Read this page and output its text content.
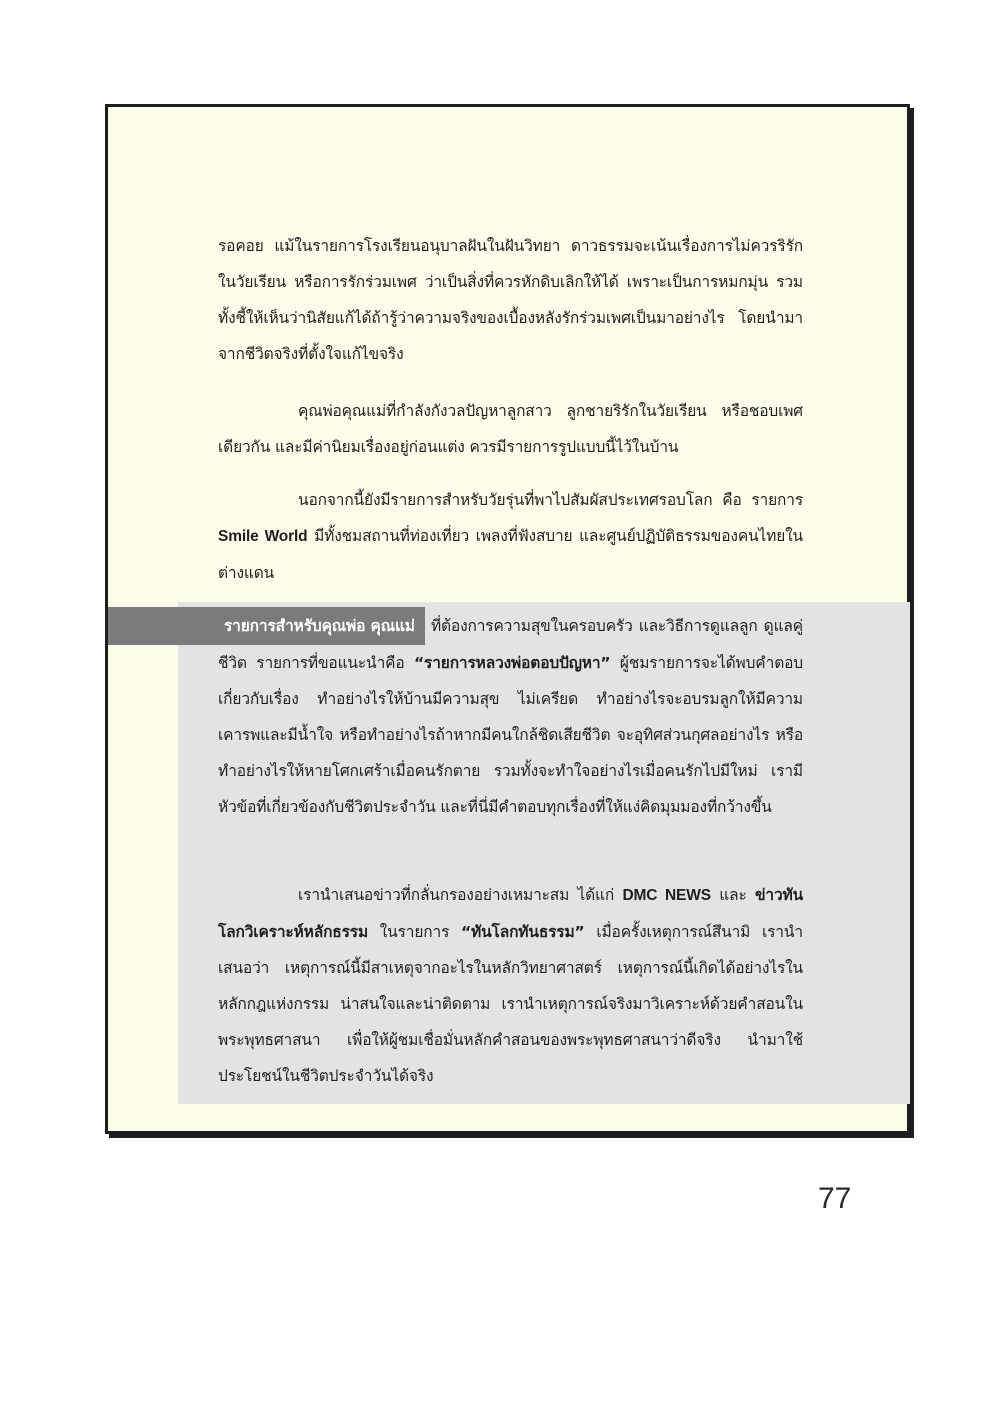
รอคอย แม้ในรายการโรงเรียนอนุบาลฝันในฝันวิทยา ดาวธรรมจะเน้นเรื่องการไม่ควรริรักในวัยเรียน หรือการรักร่วมเพศ ว่าเป็นสิ่งที่ควรหักดิบเลิกให้ได้ เพราะเป็นการหมกมุ่น รวมทั้งชี้ให้เห็นว่านิสัยแก้ได้ถ้ารู้ว่าความจริงของเบื้องหลังรักร่วมเพศเป็นมาอย่างไร โดยนำมาจากชีวิตจริงที่ตั้งใจแก้ไขจริง

คุณพ่อคุณแม่ที่กำลังกังวลปัญหาลูกสาว ลูกชายริรักในวัยเรียน หรือชอบเพศเดียวกัน และมีค่านิยมเรื่องอยู่ก่อนแต่ง ควรมีรายการรูปแบบนี้ไว้ในบ้าน

นอกจากนี้ยังมีรายการสำหรับวัยรุ่นที่พาไปสัมผัสประเทศรอบโลก คือ รายการ Smile World มีทั้งชมสถานที่ท่องเที่ยว เพลงที่ฟังสบาย และศูนย์ปฏิบัติธรรมของคนไทยในต่างแดน

รายการสำหรับคุณพ่อ คุณแม่ ที่ต้องการความสุขในครอบครัว และวิธีการดูแลลูก ดูแลคู่ชีวิต รายการที่ขอแนะนำคือ “รายการหลวงพ่อตอบปัญหา” ผู้ชมรายการจะได้พบคำตอบเกี่ยวกับเรื่อง ทำอย่างไรให้บ้านมีความสุข ไม่เครียด ทำอย่างไรจะอบรมลูกให้มีความเคารพและมีน้ำใจ หรือทำอย่างไรถ้าหากมีคนใกล้ชิดเสียชีวิต จะอุทิศส่วนกุศลอย่างไร หรือทำอย่างไรให้หายโศกเศร้าเมื่อคนรักตาย รวมทั้งจะทำใจอย่างไรเมื่อคนรักไปมีใหม่ เรามีหัวข้อที่เกี่ยวข้องกับชีวิตประจำวัน และที่นี่มีคำตอบทุกเรื่องที่ให้แง่คิดมุมมองที่กว้างขึ้น

เรานำเสนอข่าวที่กลั่นกรองอย่างเหมาะสม ได้แก่ DMC NEWS และ ข่าวทันโลกวิเคราะห์หลักธรรม ในรายการ “ทันโลกทันธรรม” เมื่อครั้งเหตุการณ์สึนามิ เรานำเสนอว่า เหตุการณ์นี้มีสาเหตุจากอะไรในหลักวิทยาศาสตร์ เหตุการณ์นี้เกิดได้อย่างไรในหลักกฎแห่งกรรม น่าสนใจและน่าติดตาม เรานำเหตุการณ์จริงมาวิเคราะห์ด้วยคำสอนในพระพุทธศาสนา เพื่อให้ผู้ชมเชื่อมั่นหลักคำสอนของพระพุทธศาสนาว่าดีจริง นำมาใช้ประโยชน์ในชีวิตประจำวันได้จริง

77
